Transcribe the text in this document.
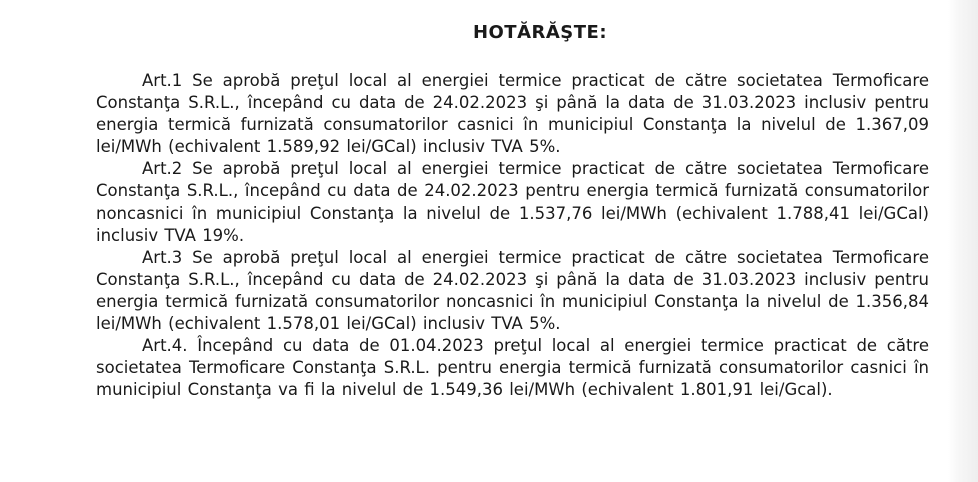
HOTĂRĂŞTE:

Art.1 Se aprobă preţul local al energiei termice practicat de către societatea Termoficare Constanţa S.R.L., începând cu data de 24.02.2023 şi până la data de 31.03.2023 inclusiv pentru energia termică furnizată consumatorilor casnici în municipiul Constanţa la nivelul de 1.367,09 lei/MWh (echivalent 1.589,92 lei/GCal) inclusiv TVA 5%.

Art.2 Se aprobă preţul local al energiei termice practicat de către societatea Termoficare Constanţa S.R.L., începând cu data de 24.02.2023 pentru energia termică furnizată consumatorilor noncasnici în municipiul Constanţa la nivelul de 1.537,76 lei/MWh (echivalent 1.788,41 lei/GCal) inclusiv TVA 19%.

Art.3 Se aprobă preţul local al energiei termice practicat de către societatea Termoficare Constanţa S.R.L., începând cu data de 24.02.2023 şi până la data de 31.03.2023 inclusiv pentru energia termică furnizată consumatorilor noncasnici în municipiul Constanţa la nivelul de 1.356,84 lei/MWh (echivalent 1.578,01 lei/GCal) inclusiv TVA 5%.

Art.4. Începând cu data de 01.04.2023 preţul local al energiei termice practicat de către societatea Termoficare Constanţa S.R.L. pentru energia termică furnizată consumatorilor casnici în municipiul Constanţa va fi la nivelul de 1.549,36 lei/MWh (echivalent 1.801,91 lei/Gcal).
